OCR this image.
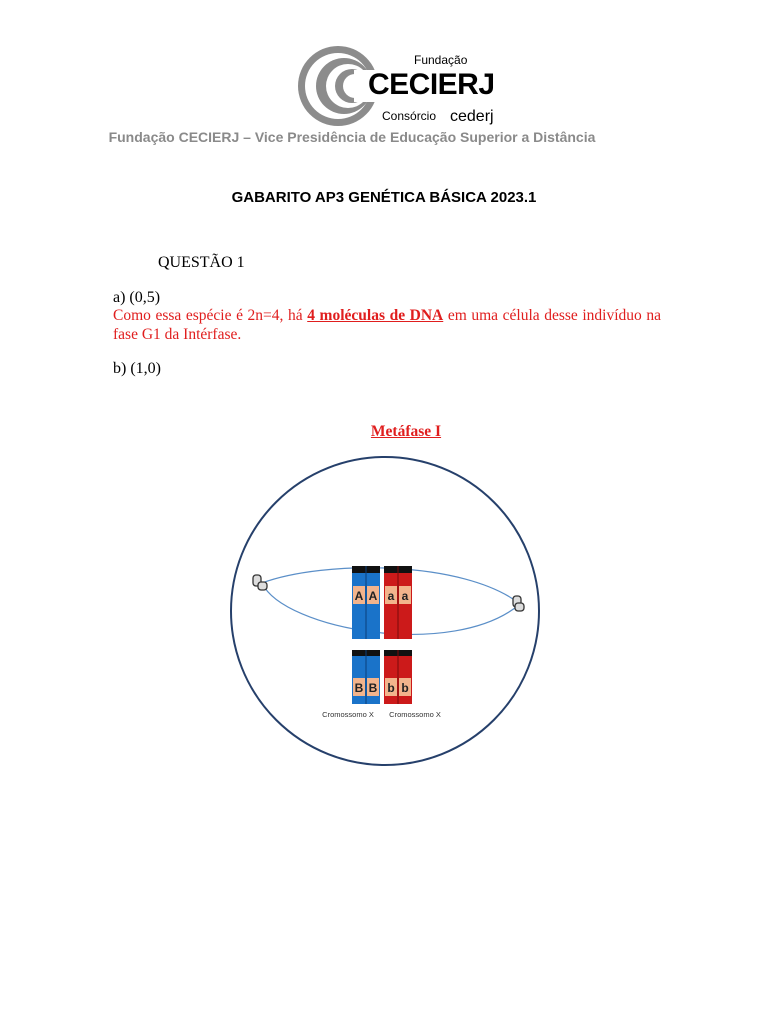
Fundação
CECIERJ
Consórcio cederj
Fundação CECIERJ – Vice Presidência de Educação Superior a Distância
GABARITO AP3 GENÉTICA BÁSICA 2023.1
QUESTÃO 1
a) (0,5)
Como essa espécie é 2n=4, há 4 moléculas de DNA em uma célula desse indivíduo na fase G1 da Intérfase.
b) (1,0)
Metáfase I
A A a a
B B b b
Cromossomo X Cromossomo X
